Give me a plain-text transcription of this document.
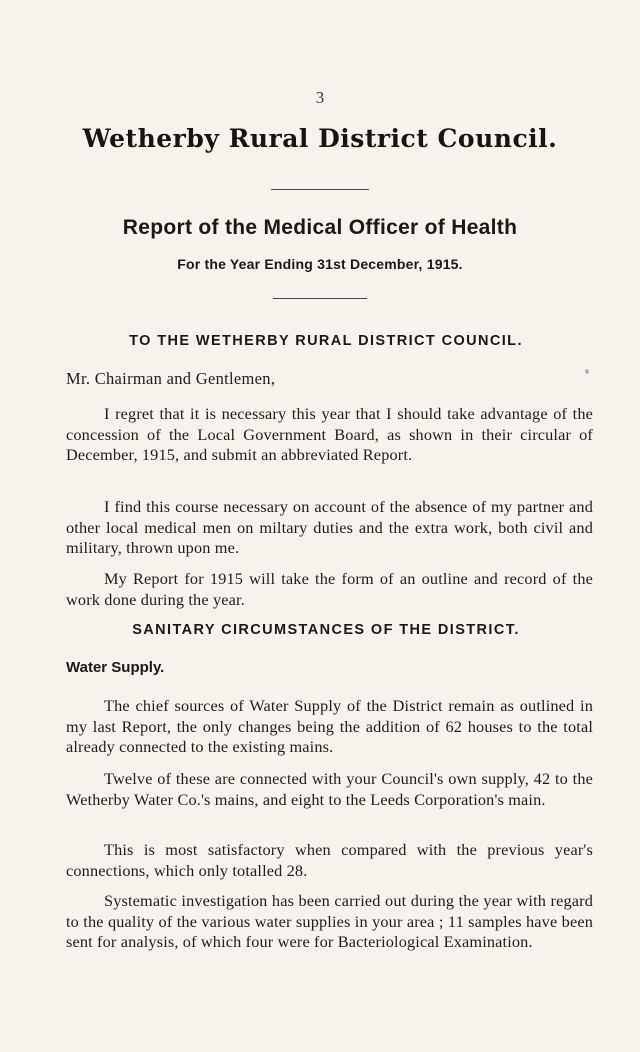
3
Wetherby Rural District Council.
Report of the Medical Officer of Health
For the Year Ending 31st December, 1915.
TO THE WETHERBY RURAL DISTRICT COUNCIL.
Mr. Chairman and Gentlemen,

I regret that it is necessary this year that I should take advantage of the concession of the Local Government Board, as shown in their circular of December, 1915, and submit an abbreviated Report.

I find this course necessary on account of the absence of my partner and other local medical men on miltary duties and the extra work, both civil and military, thrown upon me.

My Report for 1915 will take the form of an outline and record of the work done during the year.

SANITARY CIRCUMSTANCES OF THE DISTRICT.
Water Supply.

The chief sources of Water Supply of the District remain as outlined in my last Report, the only changes being the addition of 62 houses to the total already connected to the existing mains.

Twelve of these are connected with your Council's own supply, 42 to the Wetherby Water Co.'s mains, and eight to the Leeds Corporation's main.

This is most satisfactory when compared with the previous year's connections, which only totalled 28.

Systematic investigation has been carried out during the year with regard to the quality of the various water supplies in your area ; 11 samples have been sent for analysis, of which four were for Bacteriological Examination.
